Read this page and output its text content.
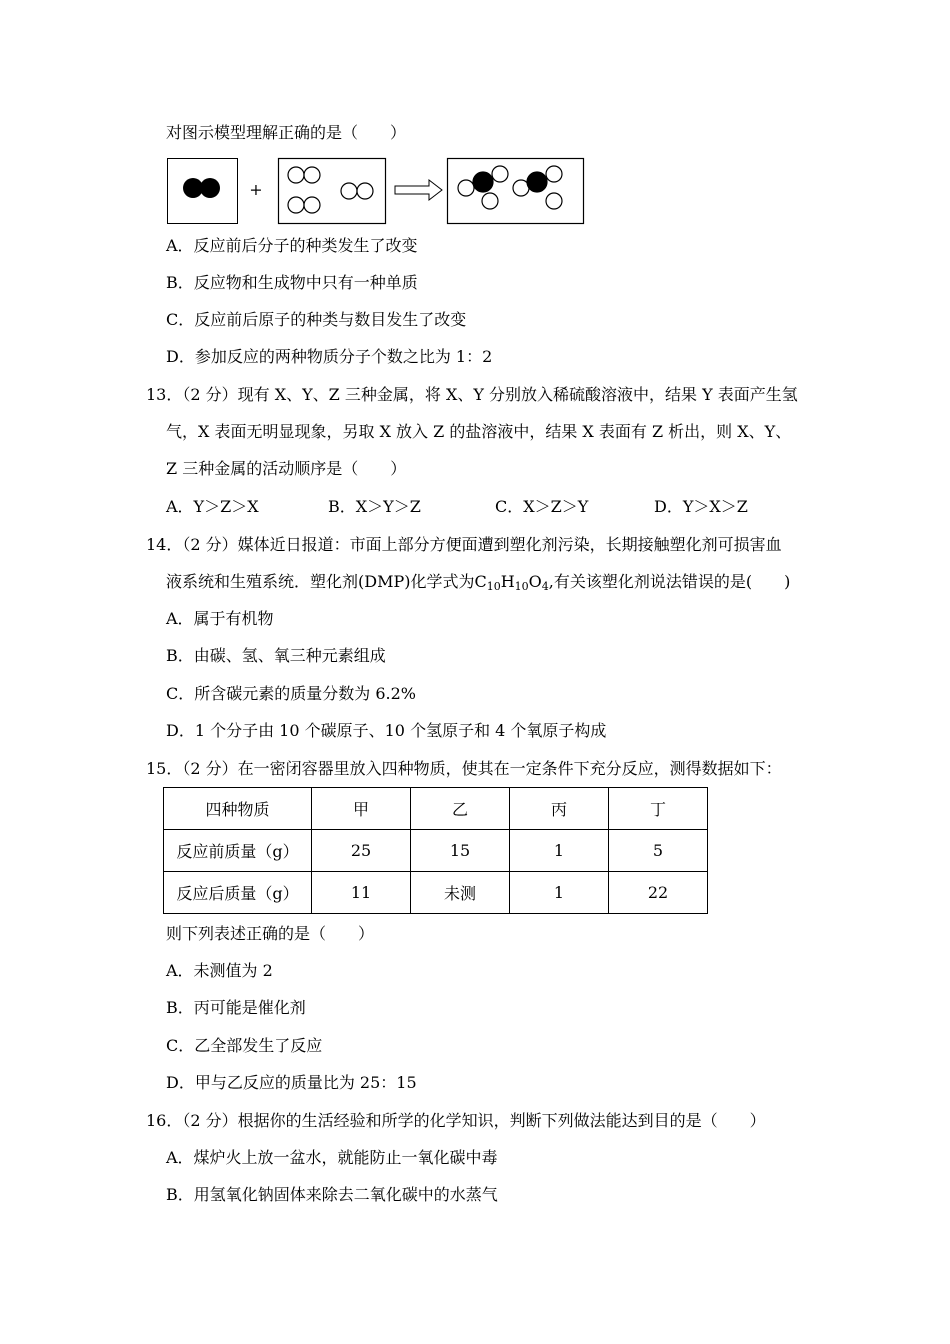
对图示模型理解正确的是（　　）
+
A．反应前后分子的种类发生了改变
B．反应物和生成物中只有一种单质
C．反应前后原子的种类与数目发生了改变
D．参加反应的两种物质分子个数之比为 1：2
13．（2 分）现有 X、Y、Z 三种金属，将 X、Y 分别放入稀硫酸溶液中，结果 Y 表面产生氢
气，X 表面无明显现象，另取 X 放入 Z 的盐溶液中，结果 X 表面有 Z 析出，则 X、Y、
Z 三种金属的活动顺序是（　　）
A．Y＞Z＞X	B．X＞Y＞Z	C．X＞Z＞Y	D．Y＞X＞Z
14．（2 分）媒体近日报道：市面上部分方便面遭到塑化剂污染，长期接触塑化剂可损害血
液系统和生殖系统．塑化剂(DMP)化学式为$C_{10}H_{10}O_4$,有关该塑化剂说法错误的是(　　)
A．属于有机物
B．由碳、氢、氧三种元素组成
C．所含碳元素的质量分数为 6.2%
D．1 个分子由 10 个碳原子、10 个氢原子和 4 个氧原子构成
15．（2 分）在一密闭容器里放入四种物质，使其在一定条件下充分反应，测得数据如下：
四种物质	甲	乙	丙	丁
反应前质量（g）	25	15	1	5
反应后质量（g）	11	未测	1	22
则下列表述正确的是（　　）
A．未测值为 2
B．丙可能是催化剂
C．乙全部发生了反应
D．甲与乙反应的质量比为 25：15
16．（2 分）根据你的生活经验和所学的化学知识，判断下列做法能达到目的是（　　）
A．煤炉火上放一盆水，就能防止一氧化碳中毒
B．用氢氧化钠固体来除去二氧化碳中的水蒸气
